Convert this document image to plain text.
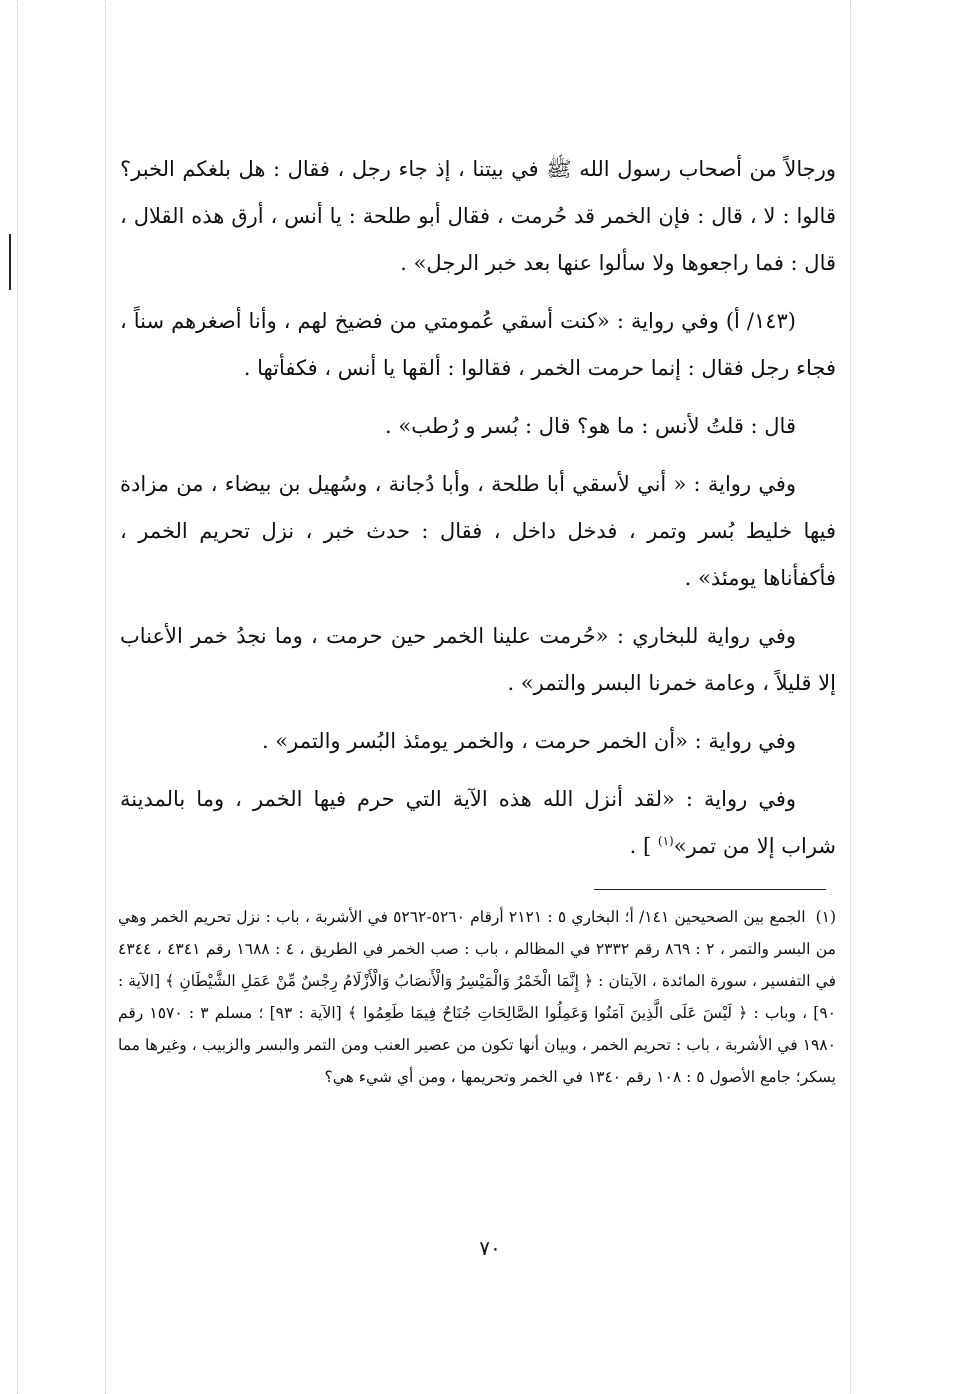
ورجالاً من أصحاب رسول الله ﷺ في بيتنا ، إذ جاء رجل ، فقال : هل بلغكم الخبر؟ قالوا : لا ، قال : فإن الخمر قد حُرمت ، فقال أبو طلحة : يا أنس ، أرق هذه القلال ، قال : فما راجعوها ولا سألوا عنها بعد خبر الرجل» .

(١٤٣/ أ) وفي رواية : «كنت أسقي عُمومتي من فضيخ لهم ، وأنا أصغرهم سناً ، فجاء رجل فقال : إنما حرمت الخمر ، فقالوا : ألقها يا أنس ، فكفأتها .

قال : قلتُ لأنس : ما هو؟ قال : بُسر و رُطب» .

وفي رواية : « أني لأسقي أبا طلحة ، وأبا دُجانة ، وسُهيل بن بيضاء ، من مزادة فيها خليط بُسر وتمر ، فدخل داخل ، فقال : حدث خبر ، نزل تحريم الخمر ، فأكفأناها يومئذ» .

وفي رواية للبخاري : «حُرمت علينا الخمر حين حرمت ، وما نجدُ خمر الأعناب إلا قليلاً ، وعامة خمرنا البسر والتمر» .

وفي رواية : «أن الخمر حرمت ، والخمر يومئذ البُسر والتمر» .

وفي رواية : «لقد أنزل الله هذه الآية التي حرم فيها الخمر ، وما بالمدينة شراب إلا من تمر»$^{(١)}$ ] .

(١)الجمع بين الصحيحين ١٤١/ أ؛ البخاري ٥ : ٢١٢١ أرقام ٥٢٦٠-٥٢٦٢ في الأشربة ، باب : نزل تحريم الخمر وهي من البسر والتمر ، ٢ : ٨٦٩ رقم ٢٣٣٢ في المظالم ، باب : صب الخمر في الطريق ، ٤ : ١٦٨٨ رقم ٤٣٤١ ، ٤٣٤٤ في التفسير ، سورة المائدة ، الآيتان : ﴿ إِنَّمَا الْخَمْرُ وَالْمَيْسِرُ وَالْأَنصَابُ وَالْأَزْلَامُ رِجْسٌ مِّنْ عَمَلِ الشَّيْطَانِ ﴾ [الآية : ٩٠] ، وباب : ﴿ لَيْسَ عَلَى الَّذِينَ آمَنُوا وَعَمِلُوا الصَّالِحَاتِ جُنَاحٌ فِيمَا طَعِمُوا ﴾ [الآية : ٩٣] ؛ مسلم ٣ : ١٥٧٠ رقم ١٩٨٠ في الأشربة ، باب : تحريم الخمر ، وبيان أنها تكون من عصير العنب ومن التمر والبسر والزبيب ، وغيرها مما يسكر؛ جامع الأصول ٥ : ١٠٨ رقم ١٣٤٠ في الخمر وتحريمها ، ومن أي شيء هي؟
٧٠
